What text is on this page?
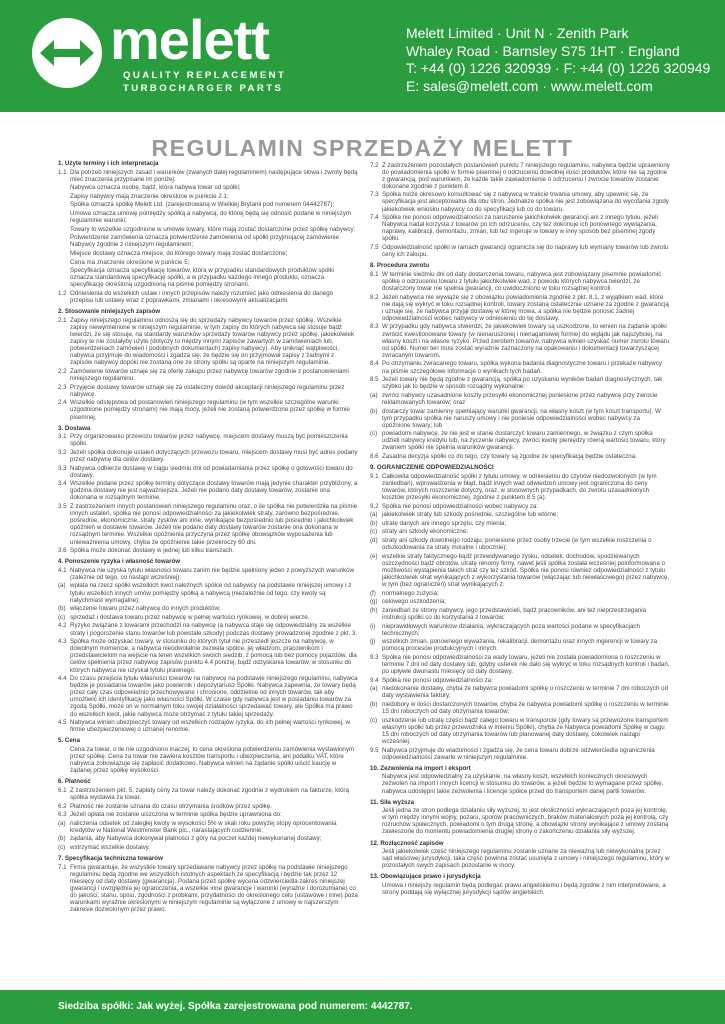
melett
QUALITY REPLACEMENT
TURBOCHARGER PARTS
Melett Limited · Unit N · Zenith Park
Whaley Road · Barnsley S75 1HT · England
T: +44 (0) 1226 320939 · F: +44 (0) 1226 320949
E: sales@melett.com · www.melett.com
REGULAMIN SPRZEDAŻY MELETT
1. Użyte terminy i ich interpretacja
1.1 Dla potrzeb niniejszych zasad i warunków (zwanych dalej regulaminem) następujące słowa i zwroty będą mieć znaczenia przypisane im poniżej:
Nabywca oznacza osobę, bądź, która nabywa towar od spółki;
Zapisy nabywcy mają znaczenie określone w punkcie 2.1;
Spółka oznacza spółkę Melett Ltd. (zarejestrowaną w Wielkiej Brytanii pod numerem 04442787);
Umowa oznacza umowę pomiędzy spółką a nabywcą, do której będą się odnosić podane w niniejszym regulaminie warunki;
Towary to wszelkie uzgodnione w umowie towary, które mają zostać dostarczone przez spółkę nabywcy;
Potwierdzenie zamówienia oznacza potwierdzenie zamówienia od spółki przyjmującej zamówienie Nabywcy zgodnie z niniejszym regulaminem;
Miejsce dostawy oznacza miejsce, do którego towary mają zostać dostarczone;
Cena ma znaczenie określone w punkcie 5;
Specyfikacja oznacza specyfikację towarów, która w przypadku standardowych produktów spółki oznacza standardową specyfikację spółki, a w przypadku każdego innego produktu, oznacza specyfikację określoną uzgodnioną na piśmie pomiędzy stronami.
1.2 Odniesienia do wszelkich ustaw i innych przepisów należy rozumieć jako odniesienia do danego przepisu lub ustawy wraz z poprawkami, zmianami i okresowymi aktualizacjami.
2. Stosowanie niniejszych zapisów
2.1 Zapisy niniejszego regulaminu odnoszą się do sprzedaży nabywcy towarów przez spółkę. Wszelkie zapisy niewymienione w niniejszym regulaminie, w tym zapisy do których nabywca się stosuje bądź twierdzi, że się stosuje, na standardy warunków sprzedaży towarów nabywcy przez spółkę, jakiekolwiek zapisy te nie zostałyby użyte (dotyczy to między innymi zapisów zawartych w zamówieniach lub, potwierdzeniach zamówień i podobnych dokumentach) zapisy nabywcy). Aby uniknąć wątpliwości, nabywca przyjmuje do wiadomości i zgadza się, że będzie się on przyjmował zapisy z żadnymi z zapisów nabywcy dopóki nie zostaną one ze strony spółki są oparte na niniejszym regulaminie.
2.2 Zamówienie towarów uznaje się za ofertę zakupu przez nabywcę towarów zgodnie z postanowieniami niniejszego regulaminu.
2.3 Przyjęcie dostawy towarów uznaje się za ostateczny dowód akceptacji niniejszego regulaminu przez nabywcę.
2.4 Wszelkie odstępstwa od postanowień niniejszego regulaminu (w tym wszelkie szczególne warunki uzgodnione pomiędzy stronami) nie mają mocy, jeżeli nie zostaną potwierdzone przez spółkę w formie pisemnej.
3. Dostawa
3.1 Przy organizowaniu przewozu towarów przez nabywcę, miejscem dostawy muszą być pomieszczenia spółki.
3.2 Jeżeli spółka dokonuje ustaleń dotyczących przewozu towaru, miejscem dostawy musi być adres podany przez nabywcę dla celów dostawy.
3.3 Nabywca odbierze dostawę w ciągu siedmiu dni od powiadamiania przez spółkę o gotowości towaru do dostawy.
3.4 Wszelkie podane przez spółkę terminy dotyczące dostawy towarów mają jedynie charakter przybliżony, a godzina dostawy nie jest najważniejsza. Jeżeli nie podano daty dostawy towarów, zostanie ona dokonana w rozsądnym terminie.
3.5 Z zastrzeżeniem innych postanowień niniejszego regulaminu oraz, o ile spółka nie potwierdziła na piśmie innych ustaleń, spółka nie ponosi odpowiedzialności za jakiekolwiek straty, zarówno bezpośrednie, pośrednie, ekonomiczne, straty zysków ani inne, wynikające bezpośrednio lub pośrednio i jakichkolwiek opóźnień w dostawie towarów. Jeżeli nie podano daty dostawy towarów zostanie ona dokonana w rozsądnym terminie. Wszelkie opóźnienia przyczyna przez spółkę obowiązków wyposażenia lub unieważnienia umowy, chyba że opóźnienie takie przekroczy 60 dni.
3.6 Spółka może dokonać dostawy w jednej lub kilku transzach.
4. Ponoszenie ryzyka i własność towarów
4.1 Nabywca nie uzyska tytułu własności towaru zanim nie będzie spełniony jeden z powyższych warunków (zależnie od tego, co nastąpi wcześniej):
(a) wpłata na rzecz spółki wszelkich kwot należnych spółce od nabywcy na podstawie niniejszej umowy i z tytułu wszelkich innych umów pomiędzy spółką a nabywcą (niezależnie od tego, czy kwoty są natychmiast wymagalne);
(b) włączenie towaru przez nabywcę do innych produktów;
(c) sprzedaż i dostawa towaru przez nabywcę w pełnej wartości rynkowej, w dobrej wierze.
4.2 Ryzyko związane z towarami przechodzi na nabywcę (a nabywca staje się odpowiedzialny za wszelkie straty i pogorszenie stanu towarów lub powstałe szkody) podczas dostawy prowadzonej zgodnie z pkt. 3.
4.3 Spółka może odzyskać towary, w stosunku do których tytuł nie przeszedł jeszcze na nabywcę, w dowolnym momencie, a nabywca nieodwołalnie zezwala spółce, jej władzom, pracownikom i przedstawicielom na wejście na teren wszelkich swoich siedzib, z pomocą lub bez pomocy pojazdów, dla celów spełnienia przez nabywcę zapisów punktu 4.4 poniżej, bądź odzyskania towarów, w stosunku do których nabywca nie uzyskał tytułu prawnego.
4.4 Do czasu przejścia tytułu własności towarów na nabywcę na podstawie niniejszego regulaminu, nabywca będzie je posiadania towarów jako powiernik i depozytariusz Spółki. Nabywca zapewnia, że towary będą przez cały czas odpowiednio przechowywane i chronione, oddzielnie od innych towarów, tak aby umożliwić ich identyfikację jako własności Spółki. W czasie gdy nabywca jest w posiadaniu towarów za zgodą Spółki, może on w normalnym toku swojej działalności sprzedawać towary, ale Spółka ma prawo do wszelkich kwot, jakie nabywca może otrzymać z tytułu takiej sprzedaży.
4.5 Nabywca winien ubezpieczyć towary od wszelkich rodzajów ryzyka, do ich pełnej wartości rynkowej, w firmie ubezpieczeniowej o uznanej renomie.
5. Cena
Cena za towar, o ile nie uzgodniono inaczej, to cena określona potwierdzeniu zamówienia wystawionym przez spółkę. Cena za towar nie zawiera kosztów transportu i ubezpieczenia, ani podatku VAT, które nabywca zobowiązuje się zapłacić dodatkowo. Nabywca winien na żądanie spółki uiścić kaucję w żądanej przez spółkę wysokości.
6. Płatność
6.1 Z zastrzeżeniem pkt. 5, zapłaty ceny za towar należy dokonać zgodnie z wydrukiem na fakturze, którą spółka wystawia za towar.
6.2 Płatność nie zostanie uznana do czasu otrzymania środków przez spółkę.
6.3 Jeżeli opłata nie zostanie uiszczona w terminie spółka będzie uprawniona do:
(a) naliczenia odsetek od zaległej kwoty w wysokości 5% w skali roku powyżej stopy oprocentowania kredytów w National Westminster Bank plc., narastających codziennie;
(b) żądania, aby Nabywca dokonywał płatności z góry na poczet każdej niewykonanej dostawy;
(c) wstrzymać wszelkie dostawy.
7. Specyfikacja techniczna towarów
7.1 Firma gwarantuje, że wszystkie towary sprzedawane nabywcy przez spółkę na podstawie niniejszego regulaminu będą zgodne we wszystkich istotnych aspektach ze specyfikacją i będzie tak przez 12 miesięcy od daty dostawy (gwarancja). Podana przez spółkę wycena odzwierciedla zakres niniejszej gwarancji i uwzględnia jej ograniczenia, a wszelkie inne gwarancje i warunki (wyraźne i dorozumiane) co do jakości, stanu, opisu, zgodności z próbkami, przydatności do określonego celu (ustawowe i inne) poza warunkami wyraźnie określonymi w niniejszym regulaminie są wyłączone z umowy w najszerszym zakresie dozwolonym przez prawo.
7.2 Z zastrzeżeniem pozostałych postanowień punktu 7 niniejszego regulaminu, nabywca będzie uprawniony do powiadomienia spółki w formie pisemnej o odrzuceniu dowolnej ilości produktów, które nie są zgodne z gwarancją, pod warunkiem, że każde takie zawiadomienie o odrzuceniu i zwrocie towarów zostanie dokonane zgodnie z punktem 8.
7.3 Spółka może okresowo konsultować się z nabywcą w trakcie trwania umowy, aby upewnić się, że specyfikacja jest akceptowalna dla obu stron. Jednakże spółka nie jest zobowiązana do wycofania zgody jakiekolwiek wniosku nabywcy co do specyfikacji lub co do towaru.
7.4 Spółka nie ponosi odpowiedzialności za naruszenie jakichkolwiek gwarancji ani z innego tytułu, jeżeli Nabywca nadal korzysta z towarów po ich odrzuceniu, czy też dokonuje ich ponownego wywiązania, naprawy, kalibracji, demontażu, zmian, lub też ingeruje w towary w inny sposób bez pisemnej zgody spółki.
7.5 Odpowiedzialność spółki w ramach gwarancji ogranicza się do naprawy lub wymiany towarów lub zwrotu ceny ich zakupu.
8. Procedura zwrotu
8.1 W terminie siedmiu dni od daty dostarczenia towaru, nabywca jest zobowiązany pisemnie powiadomić spółkę o odrzuceniu towaru z tytułu jakichkolwiek wad, z powodu których nabywca twierdzi, że dostarczony towar nie spełnia gwarancji, co uwidoczniono w toku rozsądnej kontroli.
8.2 Jeżeli nabywca nie wywiąże się z obowiązku powiadomienia zgodnie z pkt. 8.1, z wyjątkiem wad, które nie dają się wykryć w toku rozsądnej kontroli, towary zostaną ostatecznie uznane za zgodne z gwarancją i uznaje się, że nabywca przyjął dostawę w której mowa, a spółka nie będzie ponosić żadnej odpowiedzialności wobec nabywcy w odniesieniu do tej dostawy.
8.3 W przypadku gdy nabywca stwierdzi, że jakiekolwiek towary są uszkodzone, to winien na żądanie spółki zwrócić kwestionowane towary (w nienaruszonej i nienaganiowej formie) do wglądu jak najszybciej, na własny koszt i na własne ryzyko. Przed zwrotem towarów, nabywca winien uzyskać numer zwrotu towaru od spółki. Numer ten musi zostać wyraźnie zaznaczony na opakowaniu i dokumentacji towarzyszącej zwracanym towarom.
8.4 Po otrzymaniu zwracanego towaru, spółka wykona badania diagnostyczne towaru i przekaże nabywcy na piśmie szczegółowe informacje o wynikach tych badań.
8.5 Jeżeli towary nie będą zgodne z gwarancją, spółka po uzyskaniu wyników badań diagnostycznych, tak szybko jak to będzie w sposób rozsądny wykonalne:
(a) zwróci nabywcy uzasadnione koszty przesyłki ekonomicznej poniesione przez nabywcę przy zwrocie reklamowanych towarów; oraz
(b) dostarczy towar zamienny spełniający warunki gwarancji, na własny koszt (w tym koszt transportu). W tym przypadku spółka nie naruszy umowy i nie poniesie odpowiedzialności wobec nabywcy za opóźnione towary; lub
(c) powiadomi nabywcę, że nie jest w stanie dostarczyć towaru zamiennego, w związku z czym spółka udzieli nabywcy kredytu lub, na życzenie nabywcy, zwróci kwotę pieniędzy równą wartości towaru, który zwaniem spółki nie spełnia warunków gwarancji.
8.6 Zasadna decyzja spółki co do tego, czy towary są zgodne ze specyfikacją będzie ostateczna.
9. OGRANICZENIE ODPOWIEDZIALNOŚCI
9.1 Całkowita odpowiedzialność spółki z tytułu umowy, w odniesieniu do czynów niedozwolonych (w tym zaniedbań), wprowadzenia w błąd, bądź innych wad odwiedzeń umowy jest ograniczona do ceny towarów, których roszczenie dotyczy, oraz, w stosownych przypadkach, do zwrotu uzasadnionych kosztów przesyłki ekonomicznej, zgodnie z punktem 8.5 (a).
9.2 Spółka nie ponosi odpowiedzialności wobec nabywcy za:
(a) jakiekolwiek straty lub szkody pośrednie, szczególne lub wtórne;
(b) utratę danych ani innego sprzętu, czy mienia;
(c) straty ani szkody ekonomiczne;
(d) straty ani szkody dowolnego rodzaju, poniesione przez osoby trzecie (w tym wszelkie roszczenia o odszkodowania za straty moralne i ubocznie);
(e) wszelkie straty faktycznego bądź przewidywanego zysku, odsetek, dochodów, spodziewanych oszczędności bądź obrotów, utratę renomy firmy, nawet jeśli spółka została wcześniej poinformowana o możliwości wystąpienia takich strat czy też szkód. Spółka nie ponosi również odpowiedzialności z tytułu jakichkolwiek strat wynikających z wykorzystania towarów (włączając lub niewłaściwego) przez nabywcę, w tym (bez ograniczeń) strat wynikających z:
(f) normalnego zużycia;
(g) celowego uszkodzenia;
(h) zaniedbań ze strony nabywcy, jego przedstawicieli, bądź pracowników, ani też nieprzestrzegania instrukcji spółki co do korzystania z towarów;
(i)	nieprawidłowych warunków działania, wykraczających poza wartości podane w specyfikacjach technicznych;
(j)	wszelkich zmian, ponownego wyważania, rekalibracji, demontażu oraz innych ingerencji w towary za pomocą procesów produkcyjnych i innych.
9.3 Spółka nie ponosi odpowiedzialności za wady towaru, jeżeli nie została powiadomiona o roszczeniu w terminie 7 dni od daty dostawy lub, gdyby usterek nie dało się wykryć w toku rozsądnych kontroli i badań, po upływie dwunastu miesięcy od daty dostawy.
9.4 Spółka nie ponosi odpowiedzialności za:
(a) niedokonanie dostawy, chyba że nabywca powiadomi spółkę o roszczeniu w terminie 7 dni roboczych od daty wystawienia faktury;
(b) niedobory w ilości dostarczonych towarów, chyba że nabywca powiadomi spółkę o roszczeniu w terminie 15 dni roboczych od daty otrzymania towarów;
(c) uszkodzenie lub utratę części bądź całego towaru w transporcie (gdy towary są przewożone transportem własnym spółki lub przez przewoźnika w imieniu Spółki), chyba że Nabywca powiadomi Spółkę w ciągu 15 dni roboczych od daty otrzymania towarów lub planowanej daty dostawy, cokolwiek nastąpi wcześniej.
9.5 Nabywca przyjmuje do wiadomości i zgadza się, że cena towaru dobrze odzwierciedla ograniczenia odpowiedzialności zawarte w niniejszym regulaminie.
10. Zezwolenia na import i eksport
Nabywca jest odpowiedzialny za uzyskanie, na własny koszt, wszelkich koniecznych okresowych zezwoleń na import i innych licencji w stosunku do towarów, a jeżeli będzie to wymagane przez spółkę, nabywca udostępni takie zezwolenia i licencje spółce przed do transportem danej partii towarów.
11. Siła wyższa
Jeśli jedna ze stron podlega działaniu siły wyższej, to jest okoliczności wykraczających poza jej kontrolę, w tym między innymi wojny, pożaru, sporów pracowniczych, braków materiałowych poza jej kontrolą, czy rozruchów społecznych, powiadomi o tym drugą stronę, a obowiązki strony wynikające z umowy zostaną zawieszone do momentu powiadomienia drugiej strony o zakończeniu działania siły wyższej.
12. Rozłączność zapisów
Jeśli jakiekolwiek część niniejszego regulaminu zostanie uznane za nieważną lub niewykonalną przez sąd właściwej jurysdykcji, taka część powinna zostać usunięta z umowy i niniejszego regulaminu, który w pozostałych swych zapisach pozostanie w mocy.
13. Obowiązujące prawo i jurysdykcja
Umowa i niniejszy regulamin będą podlegać prawu angielskiemu i będą zgodne z nim interpretowane, a strony poddają się wyłącznej jurysdykcji sądów angielskich.
Siedziba spółki: Jak wyżej. Spółka zarejestrowana pod numerem: 4442787.
